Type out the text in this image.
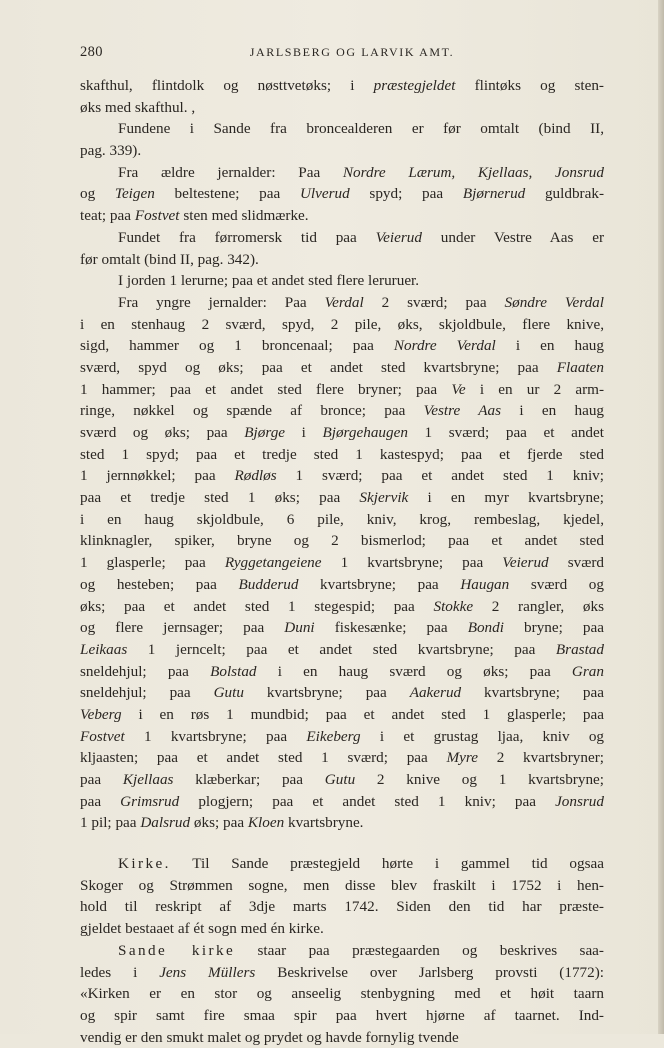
280	JARLSBERG OG LARVIK AMT.
skafthul, flintdolk og nøsttvetøks; i præstegjeldet flintøks og sten-
øks med skafthul. ,
Fundene i Sande fra broncealderen er før omtalt (bind II,
pag. 339).
Fra ældre jernalder: Paa Nordre Lærum, Kjellaas, Jonsrud
og Teigen beltestene; paa Ulverud spyd; paa Bjørnerud guldbrak-
teat; paa Fostvet sten med slidmærke.
Fundet fra førromersk tid paa Veierud under Vestre Aas er
før omtalt (bind II, pag. 342).
I jorden 1 lerurne; paa et andet sted flere leruruer.
Fra yngre jernalder: Paa Verdal 2 sværd; paa Søndre Verdal
i en stenhaug 2 sværd, spyd, 2 pile, øks, skjoldbule, flere knive,
sigd, hammer og 1 broncenaal; paa Nordre Verdal i en haug
sværd, spyd og øks; paa et andet sted kvartsbryne; paa Flaaten
1 hammer; paa et andet sted flere bryner; paa Ve i en ur 2 arm-
ringe, nøkkel og spænde af bronce; paa Vestre Aas i en haug
sværd og øks; paa Bjørge i Bjørgehaugen 1 sværd; paa et andet
sted 1 spyd; paa et tredje sted 1 kastespyd; paa et fjerde sted
1 jernnøkkel; paa Rødløs 1 sværd; paa et andet sted 1 kniv;
paa et tredje sted 1 øks; paa Skjervik i en myr kvartsbryne;
i en haug skjoldbule, 6 pile, kniv, krog, rembeslag, kjedel,
klinknagler, spiker, bryne og 2 bismerlod; paa et andet sted
1 glasperle; paa Ryggetangeiene 1 kvartsbryne; paa Veierud sværd
og hesteben; paa Budderud kvartsbryne; paa Haugan sværd og
øks; paa et andet sted 1 stegespid; paa Stokke 2 rangler, øks
og flere jernsager; paa Duni fiskesænke; paa Bondi bryne; paa
Leikaas 1 jerncelt; paa et andet sted kvartsbryne; paa Brastad
sneldehjul; paa Bolstad i en haug sværd og øks; paa Gran
sneldehjul; paa Gutu kvartsbryne; paa Aakerud kvartsbryne; paa
Veberg i en røs 1 mundbid; paa et andet sted 1 glasperle; paa
Fostvet 1 kvartsbryne; paa Eikeberg i et grustag ljaa, kniv og
kljaasten; paa et andet sted 1 sværd; paa Myre 2 kvartsbryner;
paa Kjellaas klæberkar; paa Gutu 2 knive og 1 kvartsbryne;
paa Grimsrud plogjern; paa et andet sted 1 kniv; paa Jonsrud
1 pil; paa Dalsrud øks; paa Kloen kvartsbryne.
Kirke. Til Sande præstegjeld hørte i gammel tid ogsaa
Skoger og Strømmen sogne, men disse blev fraskilt i 1752 i hen-
hold til reskript af 3dje marts 1742. Siden den tid har præste-
gjeldet bestaaet af ét sogn med én kirke.
Sande kirke staar paa præstegaarden og beskrives saa-
ledes i Jens Müllers Beskrivelse over Jarlsberg provsti (1772):
«Kirken er en stor og anseelig stenbygning med et høit taarn
og spir samt fire smaa spir paa hvert hjørne af taarnet. Ind-
vendig er den smukt malet og prydet og havde fornylig tvende
